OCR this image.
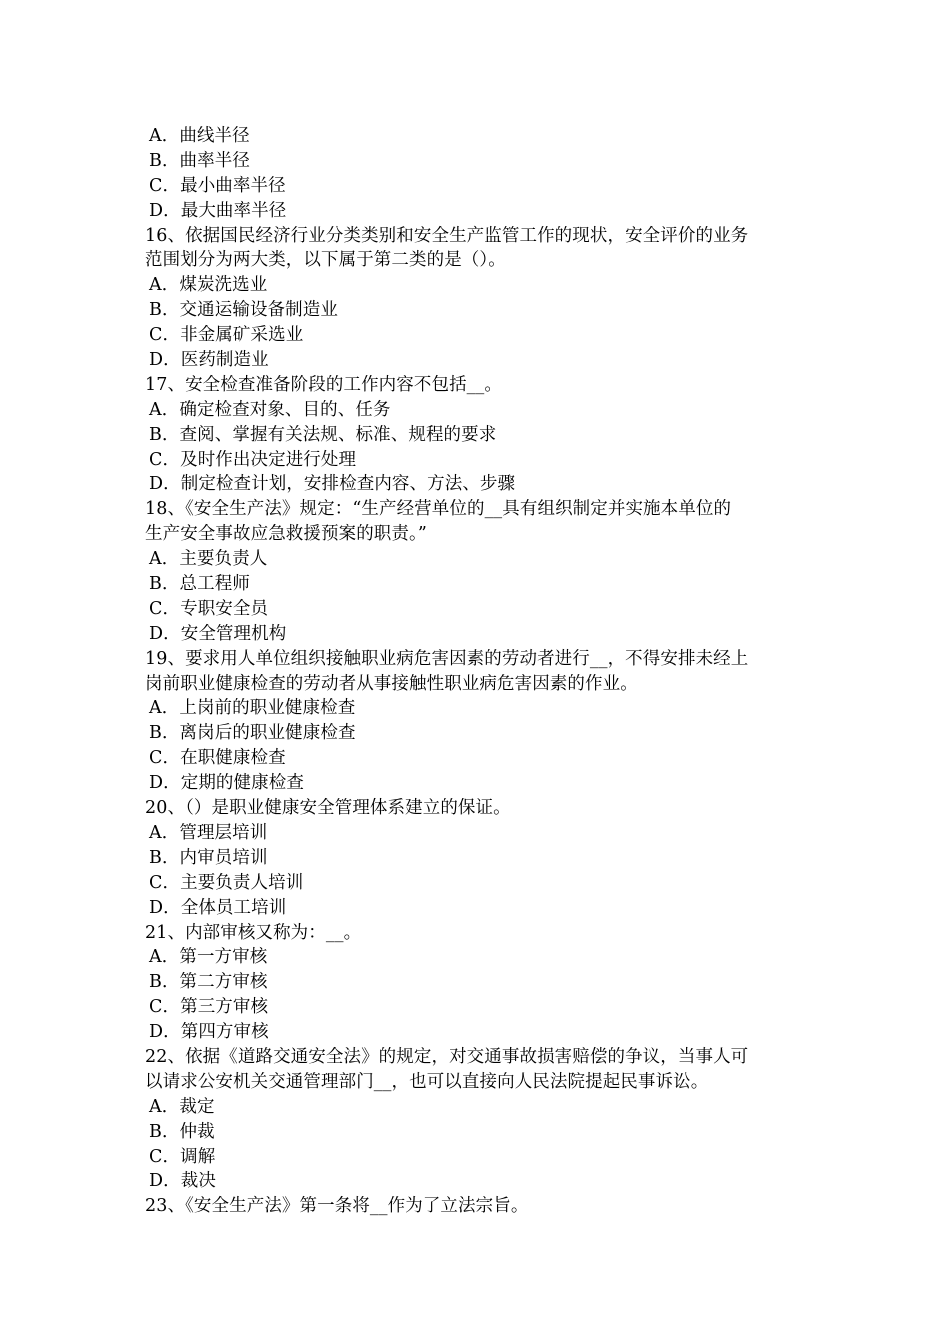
A．曲线半径
B．曲率半径
C．最小曲率半径
D．最大曲率半径
16、依据国民经济行业分类类别和安全生产监管工作的现状，安全评价的业务
范围划分为两大类，以下属于第二类的是（）。
A．煤炭洗选业
B．交通运输设备制造业
C．非金属矿采选业
D．医药制造业
17、安全检查准备阶段的工作内容不包括__。
A．确定检查对象、目的、任务
B．查阅、掌握有关法规、标准、规程的要求
C．及时作出决定进行处理
D．制定检查计划，安排检查内容、方法、步骤
18、《安全生产法》规定：“生产经营单位的__具有组织制定并实施本单位的
生产安全事故应急救援预案的职责。”
A．主要负责人
B．总工程师
C．专职安全员
D．安全管理机构
19、要求用人单位组织接触职业病危害因素的劳动者进行__，不得安排未经上
岗前职业健康检查的劳动者从事接触性职业病危害因素的作业。
A．上岗前的职业健康检查
B．离岗后的职业健康检查
C．在职健康检查
D．定期的健康检查
20、（）是职业健康安全管理体系建立的保证。
A．管理层培训
B．内审员培训
C．主要负责人培训
D．全体员工培训
21、内部审核又称为：__。
A．第一方审核
B．第二方审核
C．第三方审核
D．第四方审核
22、依据《道路交通安全法》的规定，对交通事故损害赔偿的争议，当事人可
以请求公安机关交通管理部门__，也可以直接向人民法院提起民事诉讼。
A．裁定
B．仲裁
C．调解
D．裁决
23、《安全生产法》第一条将__作为了立法宗旨。
